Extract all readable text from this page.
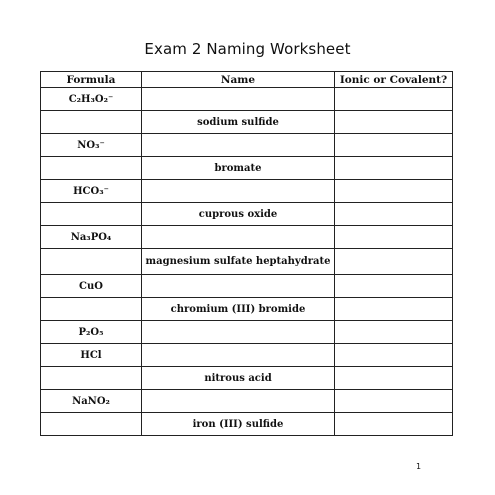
Exam 2 Naming Worksheet
Formula	Name	Ionic or Covalent?
C₂H₃O₂⁻		
	sodium sulfide	
NO₃⁻		
	bromate	
HCO₃⁻		
	cuprous oxide	
Na₃PO₄		
	magnesium sulfate heptahydrate	
CuO		
	chromium (III) bromide	
P₂O₅		
HCl		
	nitrous acid	
NaNO₂		
	iron (III) sulfide	
1
